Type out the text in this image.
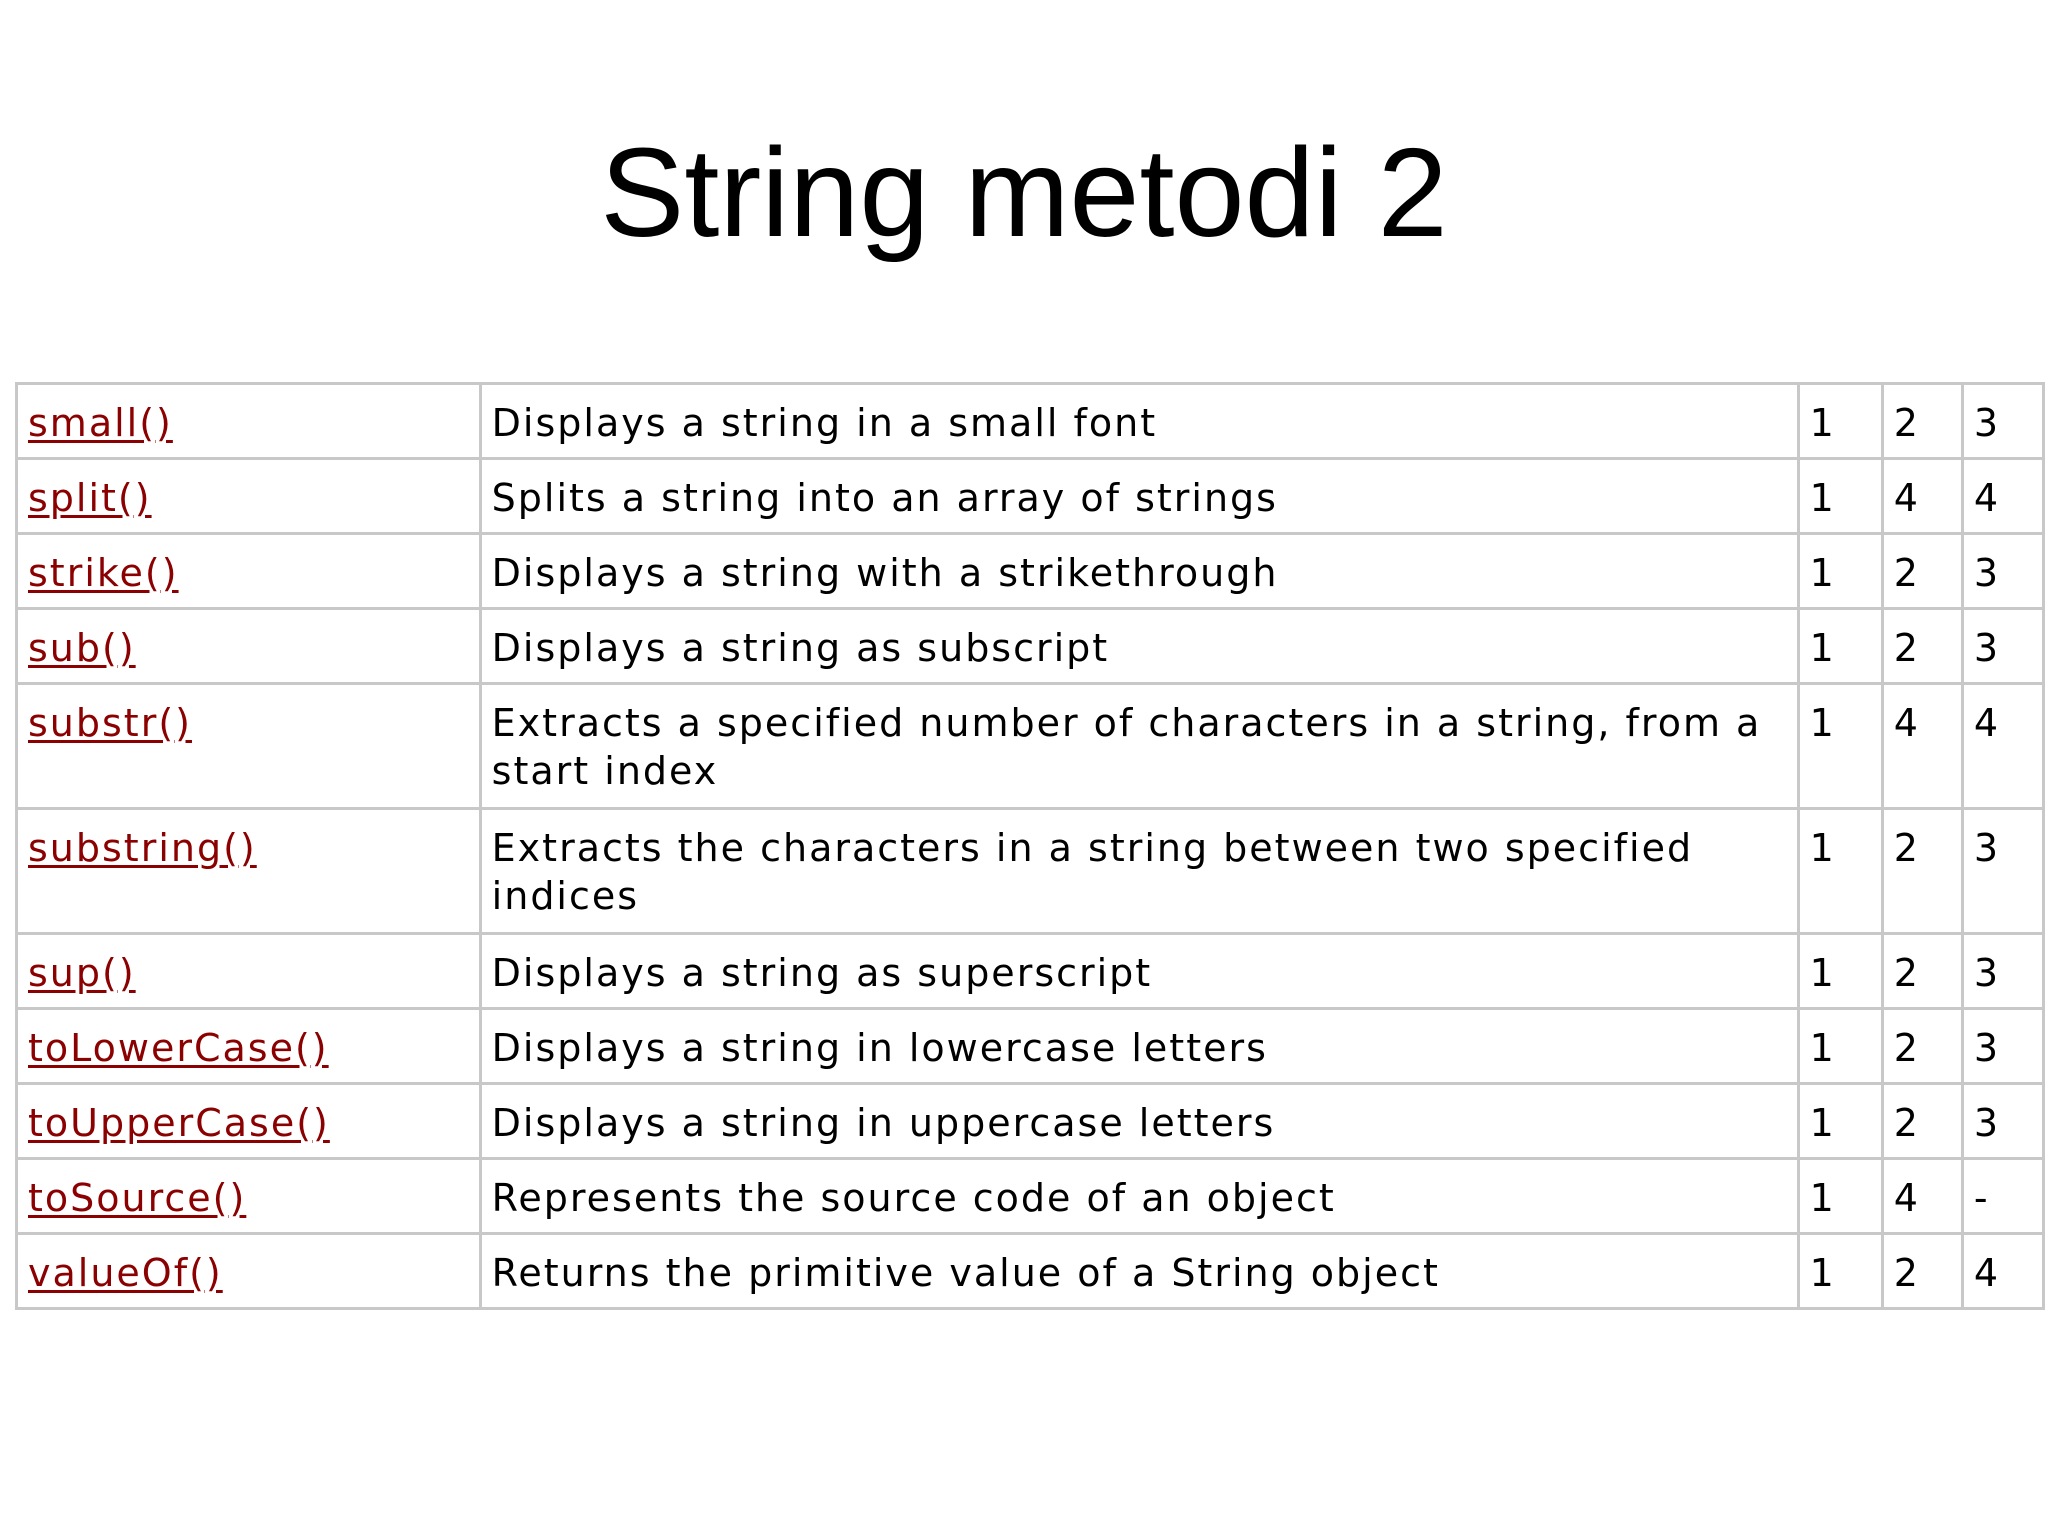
String metodi 2
small()	Displays a string in a small font	1	2	3
split()	Splits a string into an array of strings	1	4	4
strike()	Displays a string with a strikethrough	1	2	3
sub()	Displays a string as subscript	1	2	3
substr()	Extracts a specified number of characters in a string, from a start index	1	4	4
substring()	Extracts the characters in a string between two specified indices	1	2	3
sup()	Displays a string as superscript	1	2	3
toLowerCase()	Displays a string in lowercase letters	1	2	3
toUpperCase()	Displays a string in uppercase letters	1	2	3
toSource()	Represents the source code of an object	1	4	-
valueOf()	Returns the primitive value of a String object	1	2	4
